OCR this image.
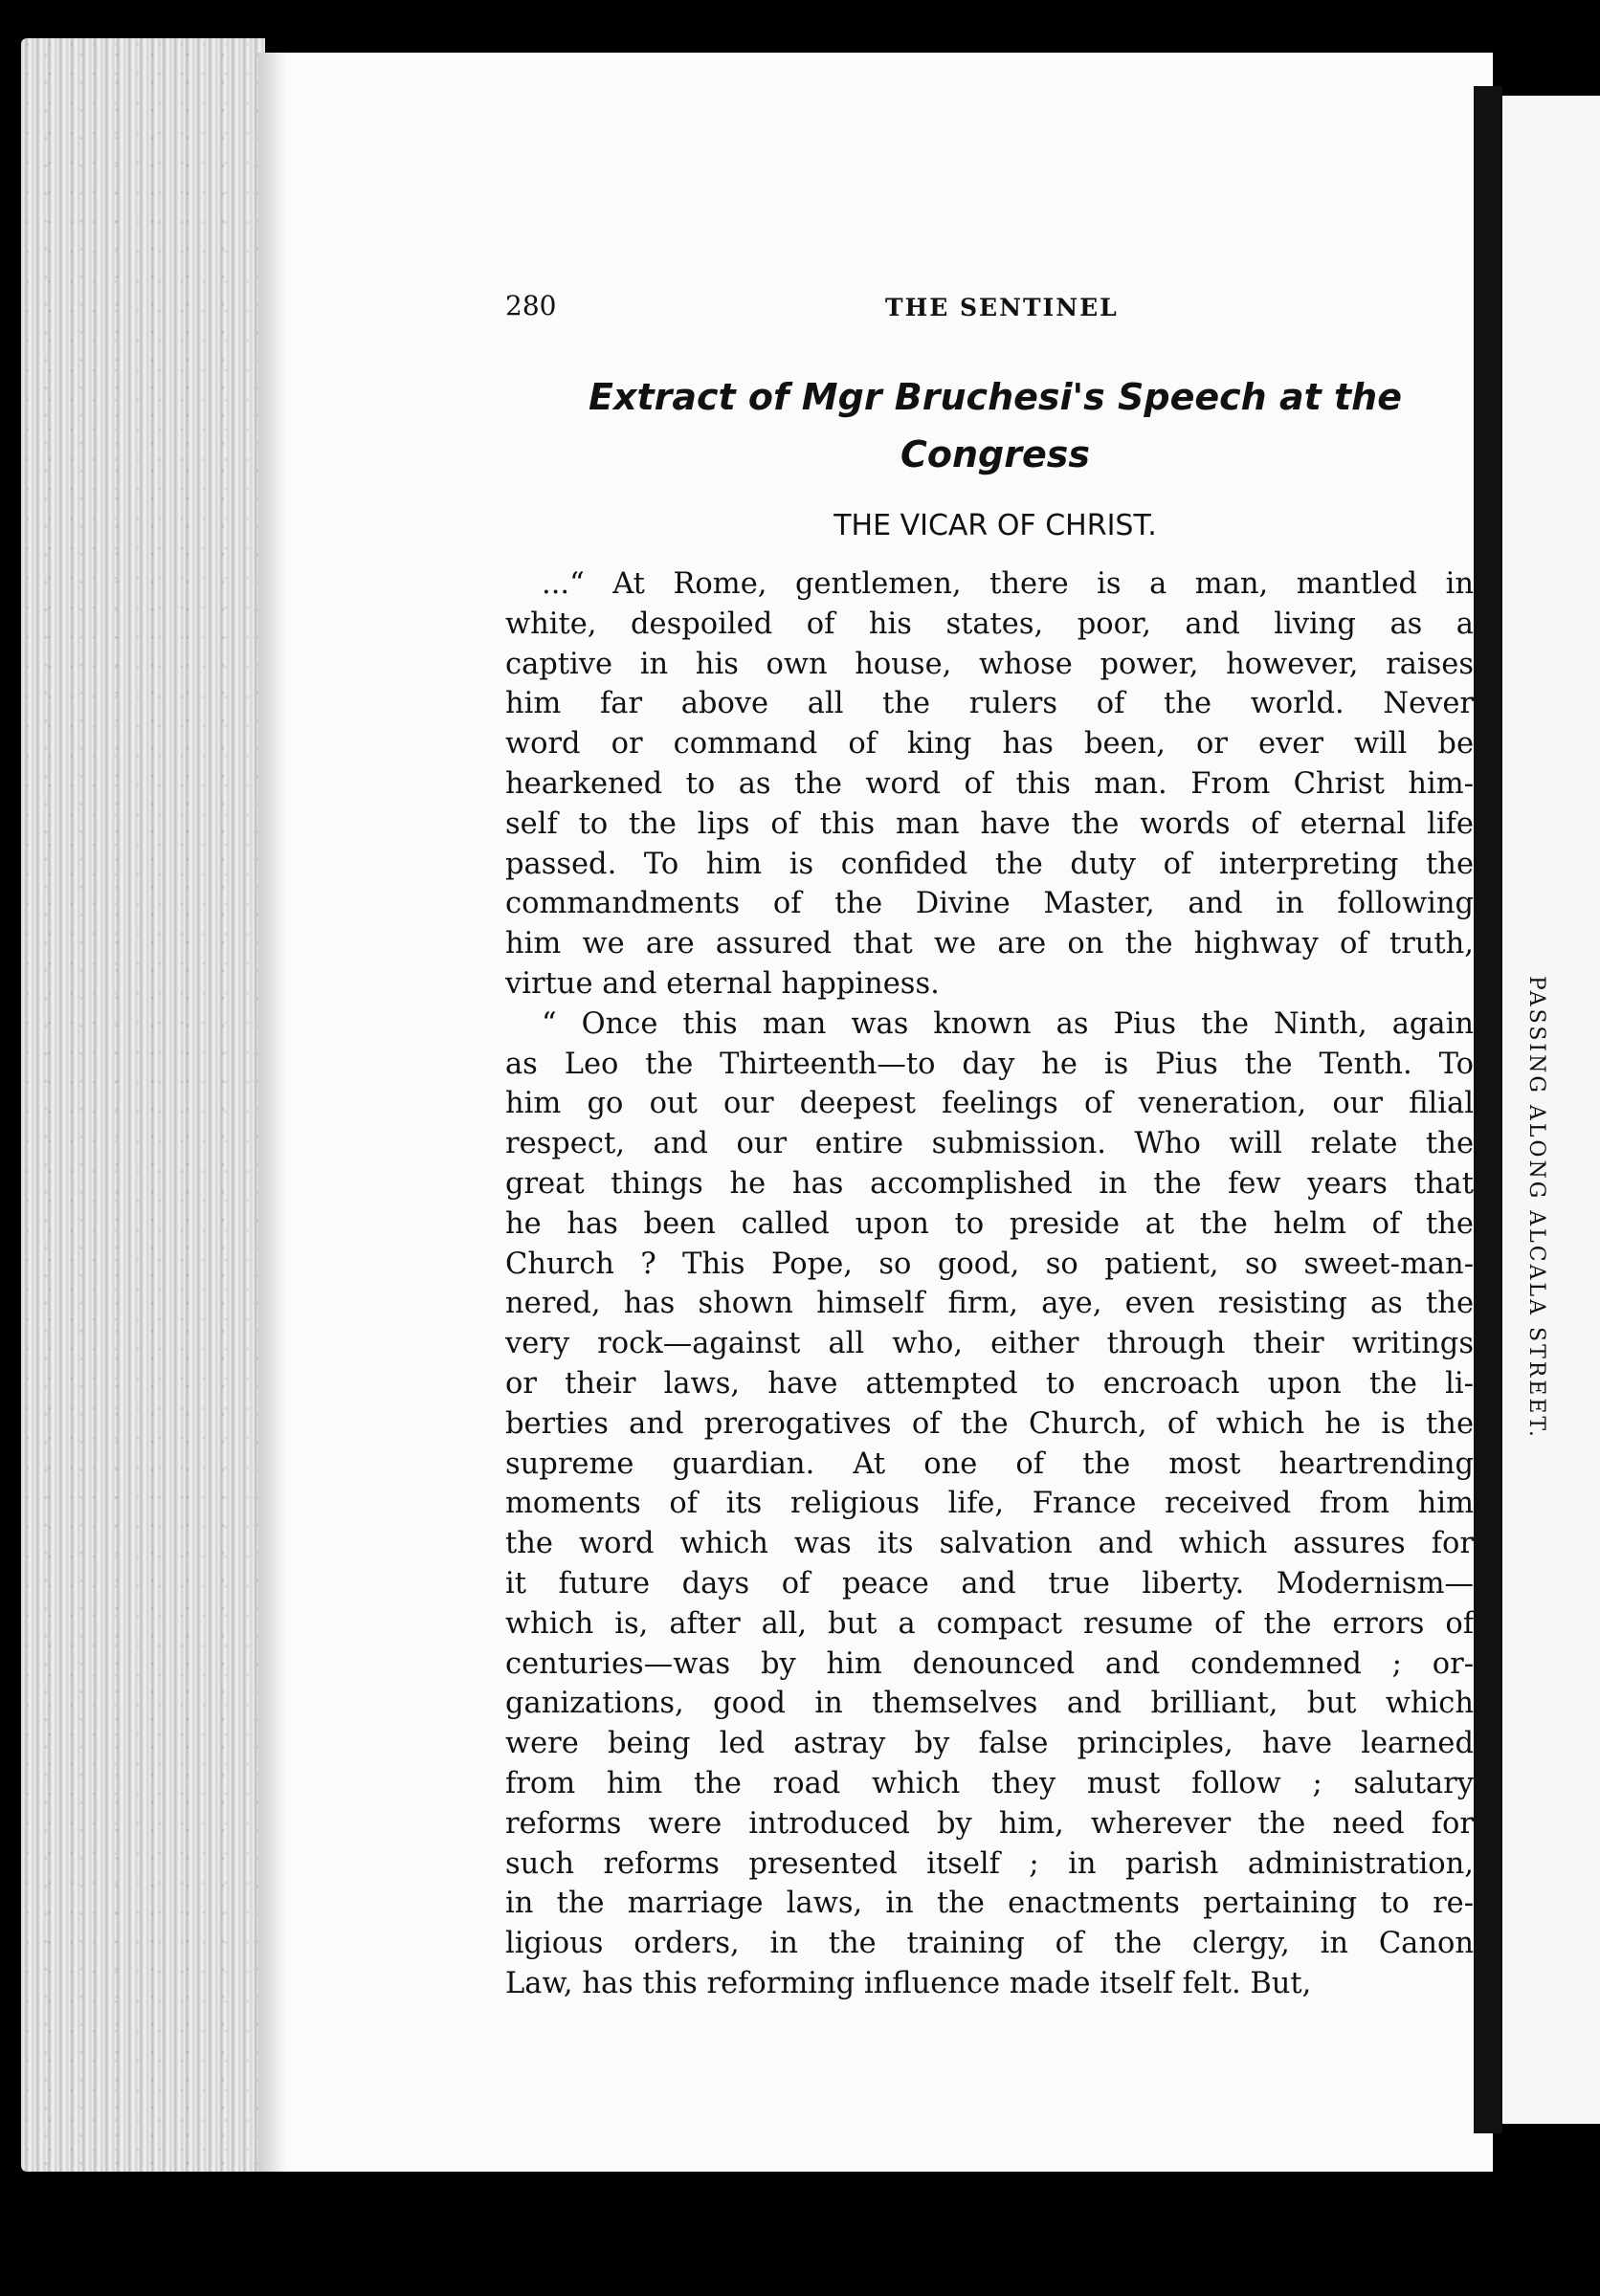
PASSING ALONG ALCALA STREET.
280	THE SENTINEL
Extract of Mgr Bruchesi's Speech at the Congress
THE VICAR OF CHRIST.
...“ At Rome, gentlemen, there is a man, mantled in
white, despoiled of his states, poor, and living as a
captive in his own house, whose power, however, raises
him far above all the rulers of the world. Never
word or command of king has been, or ever will be
hearkened to as the word of this man. From Christ him-
self to the lips of this man have the words of eternal life
passed. To him is confided the duty of interpreting the
commandments of the Divine Master, and in following
him we are assured that we are on the highway of truth,
virtue and eternal happiness.
“ Once this man was known as Pius the Ninth, again
as Leo the Thirteenth—to day he is Pius the Tenth. To
him go out our deepest feelings of veneration, our filial
respect, and our entire submission. Who will relate the
great things he has accomplished in the few years that
he has been called upon to preside at the helm of the
Church ? This Pope, so good, so patient, so sweet-man-
nered, has shown himself firm, aye, even resisting as the
very rock—against all who, either through their writings
or their laws, have attempted to encroach upon the li-
berties and prerogatives of the Church, of which he is the
supreme guardian. At one of the most heartrending
moments of its religious life, France received from him
the word which was its salvation and which assures for
it future days of peace and true liberty. Modernism—
which is, after all, but a compact resume of the errors of
centuries—was by him denounced and condemned ; or-
ganizations, good in themselves and brilliant, but which
were being led astray by false principles, have learned
from him the road which they must follow ; salutary
reforms were introduced by him, wherever the need for
such reforms presented itself ; in parish administration,
in the marriage laws, in the enactments pertaining to re-
ligious orders, in the training of the clergy, in Canon
Law, has this reforming influence made itself felt. But,
